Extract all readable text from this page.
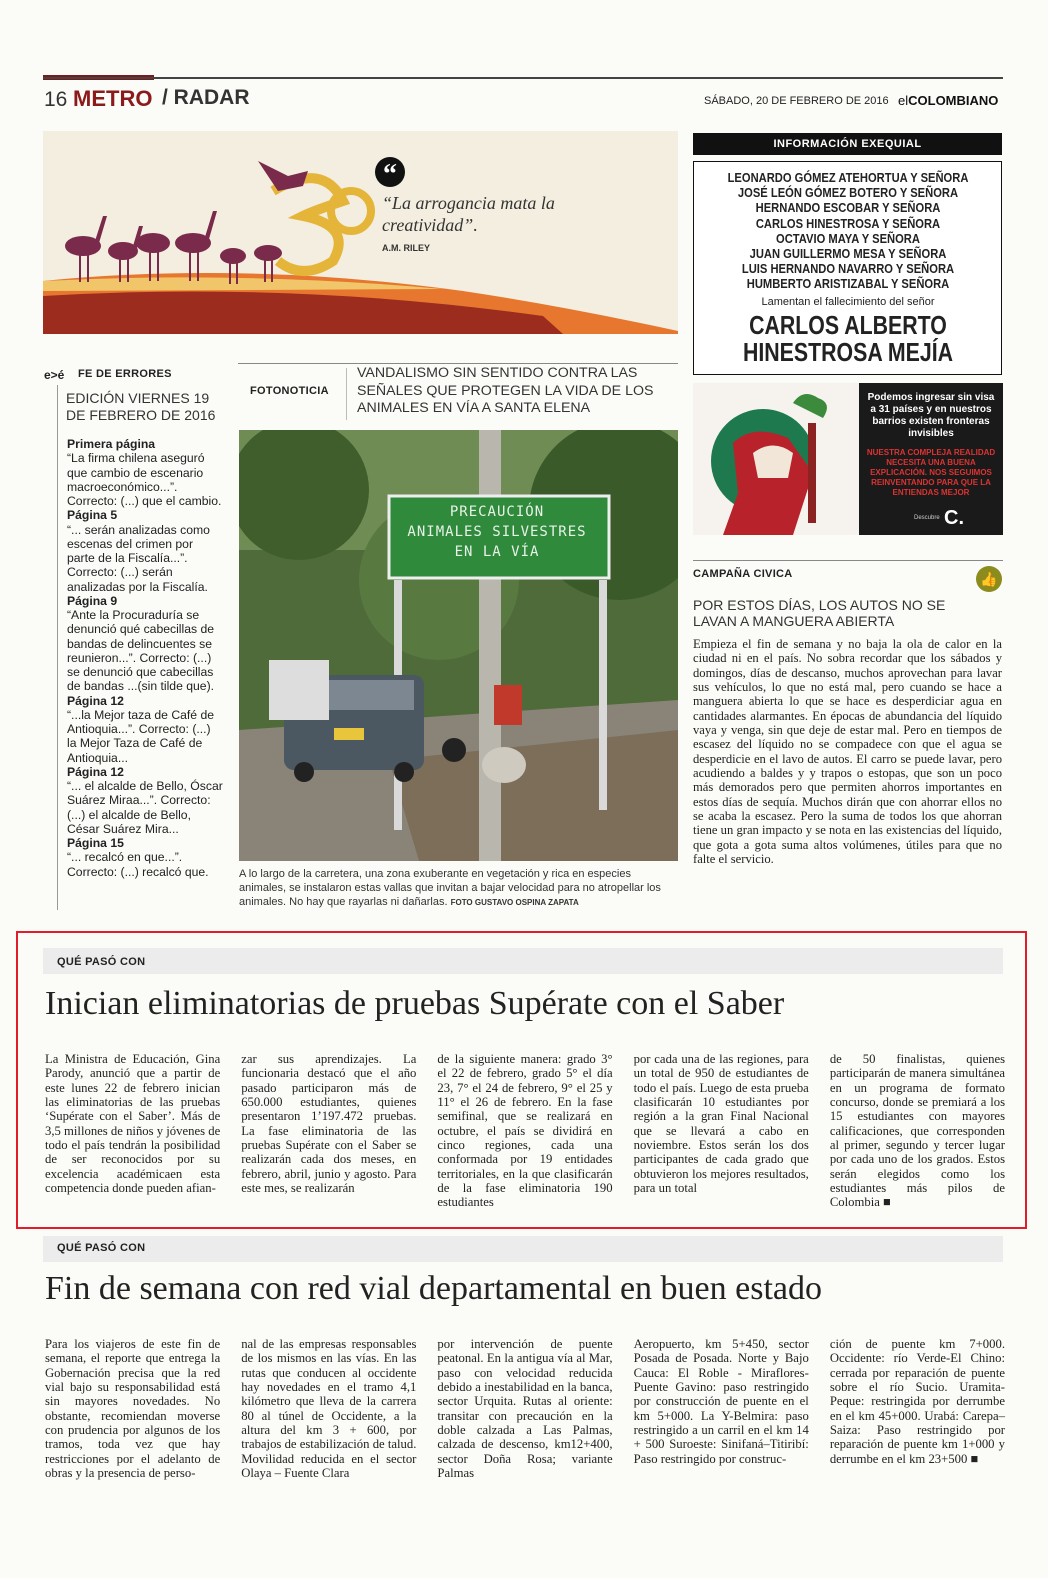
16 METRO / RADAR	SÁBADO, 20 DE FEBRERO DE 2016 elCOLOMBIANO
“
“La arrogancia mata la creatividad”.
A.M. RILEY
INFORMACIÓN EXEQUIAL
LEONARDO GÓMEZ ATEHORTUA Y SEÑORA
JOSÉ LEÓN GÓMEZ BOTERO Y SEÑORA
HERNANDO ESCOBAR Y SEÑORA
CARLOS HINESTROSA Y SEÑORA
OCTAVIO MAYA Y SEÑORA
JUAN GUILLERMO MESA Y SEÑORA
LUIS HERNANDO NAVARRO Y SEÑORA
HUMBERTO ARISTIZABAL Y SEÑORA
Lamentan el fallecimiento del señor
CARLOS ALBERTO
HINESTROSA MEJÍA
Podemos ingresar sin visa a 31 países y en nuestros barrios existen fronteras invisibles
NUESTRA COMPLEJA REALIDAD NECESITA UNA BUENA EXPLICACIÓN. NOS SEGUIMOS REINVENTANDO PARA QUE LA ENTIENDAS MEJOR
Descubre C.
CAMPAÑA CIVICA	👍
POR ESTOS DÍAS, LOS AUTOS NO SE LAVAN A MANGUERA ABIERTA
Empieza el fin de semana y no baja la ola de calor en la ciudad ni en el país. No sobra recordar que los sábados y domingos, días de descanso, muchos aprovechan para lavar sus vehículos, lo que no está mal, pero cuando se hace a manguera abierta lo que se hace es desperdiciar agua en cantidades alarmantes. En épocas de abundancia del líquido vaya y venga, sin que deje de estar mal. Pero en tiempos de escasez del líquido no se compadece con que el agua se desperdicie en el lavo de autos. El carro se puede lavar, pero acudiendo a baldes y y trapos o estopas, que son un poco más demorados pero que permiten ahorros importantes en estos días de sequía. Muchos dirán que con ahorrar ellos no se acaba la escasez. Pero la suma de todos los que ahorran tiene un gran impacto y se nota en las existencias del líquido, que gota a gota suma altos volúmenes, útiles para que no falte el servicio.
e>é FE DE ERRORES
EDICIÓN VIERNES 19 DE FEBRERO DE 2016
Primera página
“La firma chilena aseguró que cambio de escenario macroeconómico...”. Correcto: (...) que el cambio.
Página 5
“... serán analizadas como escenas del crimen por parte de la Fiscalía...”. Correcto: (...) serán analizadas por la Fiscalía.
Página 9
“Ante la Procuraduría se denunció qué cabecillas de bandas de delincuentes se reunieron...”. Correcto: (...) se denunció que cabecillas de bandas ...(sin tilde que).
Página 12
“...la Mejor taza de Café de Antioquia...”. Correcto: (...) la Mejor Taza de Café de Antioquia...
Página 12
“... el alcalde de Bello, Óscar Suárez Miraa...”. Correcto: (...) el alcalde de Bello, César Suárez Mira...
Página 15
“... recalcó en que...”. Correcto: (...) recalcó que.
FOTONOTICIA
VANDALISMO SIN SENTIDO CONTRA LAS SEÑALES QUE PROTEGEN LA VIDA DE LOS ANIMALES EN VÍA A SANTA ELENA
PRECAUCIÓN
ANIMALES SILVESTRES
EN LA VÍA
A lo largo de la carretera, una zona exuberante en vegetación y rica en especies animales, se instalaron estas vallas que invitan a bajar velocidad para no atropellar los animales. No hay que rayarlas ni dañarlas. FOTO GUSTAVO OSPINA ZAPATA
QUÉ PASÓ CON
Inician eliminatorias de pruebas Supérate con el Saber
La Ministra de Educación, Gina Parody, anunció que a partir de este lunes 22 de febrero inician las eliminatorias de las pruebas ‘Supérate con el Saber’. Más de 3,5 millones de niños y jóvenes de todo el país tendrán la posibilidad de ser reconocidos por su excelencia académicaen esta competencia donde pueden afian-
zar sus aprendizajes. La funcionaria destacó que el año pasado participaron más de 650.000 estudiantes, quienes presentaron 1’197.472 pruebas. La fase eliminatoria de las pruebas Supérate con el Saber se realizarán cada dos meses, en febrero, abril, junio y agosto. Para este mes, se realizarán
de la siguiente manera: grado 3° el 22 de febrero, grado 5° el día 23, 7° el 24 de febrero, 9° el 25 y 11° el 26 de febrero. En la fase semifinal, que se realizará en octubre, el país se dividirá en cinco regiones, cada una conformada por 19 entidades territoriales, en la que clasificarán de la fase eliminatoria 190 estudiantes
por cada una de las regiones, para un total de 950 de estudiantes de todo el país. Luego de esta prueba clasificarán 10 estudiantes por región a la gran Final Nacional que se llevará a cabo en noviembre. Estos serán los dos participantes de cada grado que obtuvieron los mejores resultados, para un total
de 50 finalistas, quienes participarán de manera simultánea en un programa de formato concurso, donde se premiará a los 15 estudiantes con mayores calificaciones, que corresponden al primer, segundo y tercer lugar por cada uno de los grados. Estos serán elegidos como los estudiantes más pilos de Colombia ■
QUÉ PASÓ CON
Fin de semana con red vial departamental en buen estado
Para los viajeros de este fin de semana, el reporte que entrega la Gobernación precisa que la red vial bajo su responsabilidad está sin mayores novedades. No obstante, recomiendan moverse con prudencia por algunos de los tramos, toda vez que hay restricciones por el adelanto de obras y la presencia de perso-
nal de las empresas responsables de los mismos en las vías. En las rutas que conducen al occidente hay novedades en el tramo 4,1 kilómetro que lleva de la carrera 80 al túnel de Occidente, a la altura del km 3 + 600, por trabajos de estabilización de talud. Movilidad reducida en el sector Olaya – Fuente Clara
por intervención de puente peatonal. En la antigua vía al Mar, paso con velocidad reducida debido a inestabilidad en la banca, sector Urquita. Rutas al oriente: transitar con precaución en la doble calzada a Las Palmas, calzada de descenso, km12+400, sector Doña Rosa; variante Palmas
Aeropuerto, km 5+450, sector Posada de Posada. Norte y Bajo Cauca: El Roble - Miraflores-Puente Gavino: paso restringido por construcción de puente en el km 5+000. La Y-Belmira: paso restringido a un carril en el km 14 + 500 Suroeste: Sinifaná–Titiribí: Paso restringido por construc-
ción de puente km 7+000. Occidente: río Verde-El Chino: cerrada por reparación de puente sobre el río Sucio. Uramita-Peque: restringida por derrumbe en el km 45+000. Urabá: Carepa– Saiza: Paso restringido por reparación de puente km 1+000 y derrumbe en el km 23+500 ■
